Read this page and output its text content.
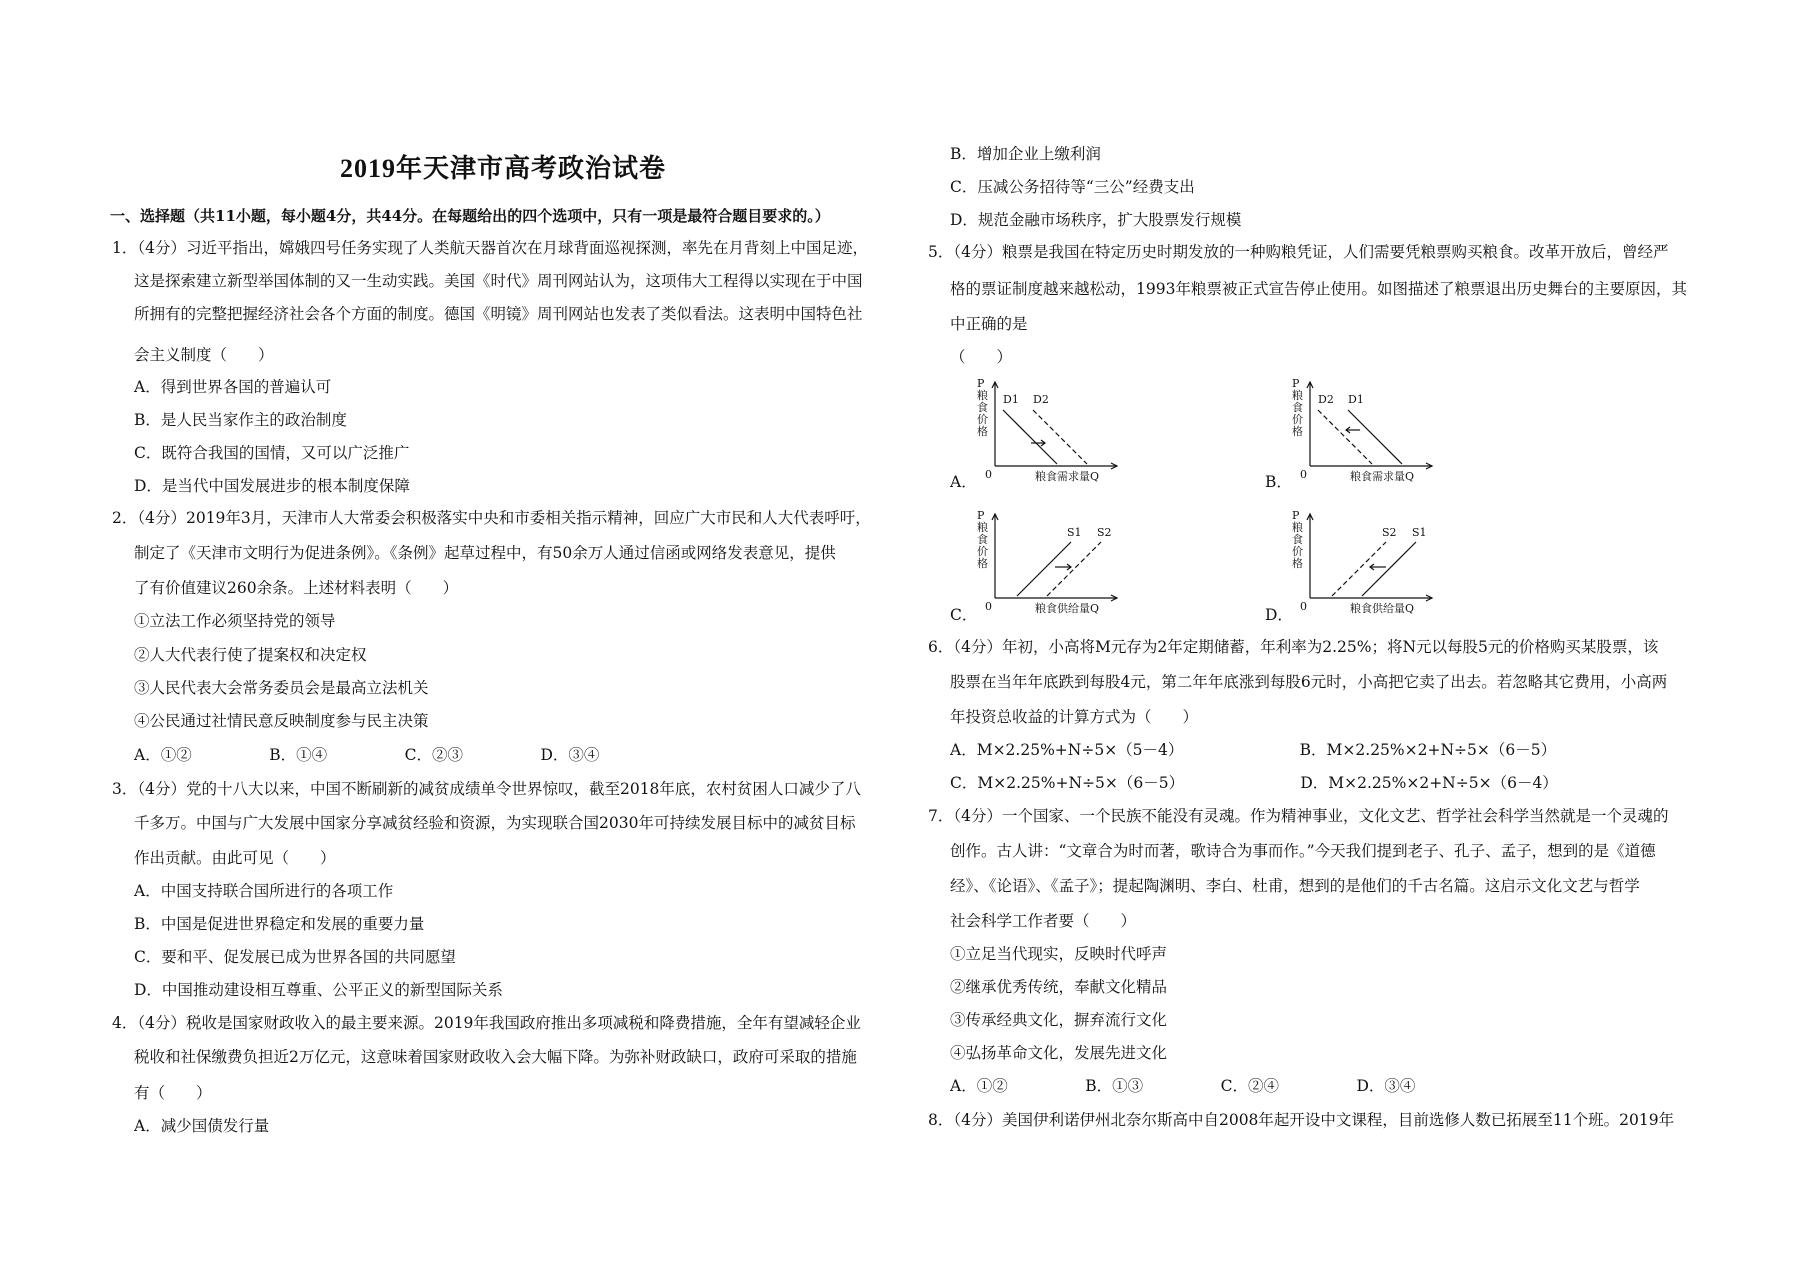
2019年天津市高考政治试卷
一、选择题（共11小题，每小题4分，共44分。在每题给出的四个选项中，只有一项是最符合题目要求的。）
1．（4分）习近平指出，嫦娥四号任务实现了人类航天器首次在月球背面巡视探测，率先在月背刻上中国足迹，
这是探索建立新型举国体制的又一生动实践。美国《时代》周刊网站认为，这项伟大工程得以实现在于中国
所拥有的完整把握经济社会各个方面的制度。德国《明镜》周刊网站也发表了类似看法。这表明中国特色社
会主义制度（　　）
A．得到世界各国的普遍认可
B．是人民当家作主的政治制度
C．既符合我国的国情，又可以广泛推广
D．是当代中国发展进步的根本制度保障
2．（4分）2019年3月，天津市人大常委会积极落实中央和市委相关指示精神，回应广大市民和人大代表呼吁，
制定了《天津市文明行为促进条例》。《条例》起草过程中，有50余万人通过信函或网络发表意见，提供
了有价值建议260余条。上述材料表明（　　）
①立法工作必须坚持党的领导
②人大代表行使了提案权和决定权
③人民代表大会常务委员会是最高立法机关
④公民通过社情民意反映制度参与民主决策
A．①②　　　　　B．①④　　　　　C．②③　　　　　D．③④
3．（4分）党的十八大以来，中国不断刷新的减贫成绩单令世界惊叹，截至2018年底，农村贫困人口减少了八
千多万。中国与广大发展中国家分享减贫经验和资源，为实现联合国2030年可持续发展目标中的减贫目标
作出贡献。由此可见（　　）
A．中国支持联合国所进行的各项工作
B．中国是促进世界稳定和发展的重要力量
C．要和平、促发展已成为世界各国的共同愿望
D．中国推动建设相互尊重、公平正义的新型国际关系
4．（4分）税收是国家财政收入的最主要来源。2019年我国政府推出多项减税和降费措施，全年有望减轻企业
税收和社保缴费负担近2万亿元，这意味着国家财政收入会大幅下降。为弥补财政缺口，政府可采取的措施
有（　　）
A．减少国债发行量
B．增加企业上缴利润
C．压减公务招待等“三公”经费支出
D．规范金融市场秩序，扩大股票发行规模
5．（4分）粮票是我国在特定历史时期发放的一种购粮凭证，人们需要凭粮票购买粮食。改革开放后，曾经严
格的票证制度越来越松动，1993年粮票被正式宣告停止使用。如图描述了粮票退出历史舞台的主要原因，其
中正确的是
（　　）
6．（4分）年初，小高将M元存为2年定期储蓄，年利率为2.25%；将N元以每股5元的价格购买某股票，该
股票在当年年底跌到每股4元，第二年年底涨到每股6元时，小高把它卖了出去。若忽略其它费用，小高两
年投资总收益的计算方式为（　　）
A．M×2.25%+N÷5×（5－4）　　　　　　　　B．M×2.25%×2+N÷5×（6－5）
C．M×2.25%+N÷5×（6－5）　　　　　　　　D．M×2.25%×2+N÷5×（6－4）
7．（4分）一个国家、一个民族不能没有灵魂。作为精神事业，文化文艺、哲学社会科学当然就是一个灵魂的
创作。古人讲：“文章合为时而著，歌诗合为事而作。”今天我们提到老子、孔子、孟子，想到的是《道德
经》、《论语》、《孟子》；提起陶渊明、李白、杜甫，想到的是他们的千古名篇。这启示文化文艺与哲学
社会科学工作者要（　　）
①立足当代现实，反映时代呼声
②继承优秀传统，奉献文化精品
③传承经典文化，摒弃流行文化
④弘扬革命文化，发展先进文化
A．①②　　　　　B．①③　　　　　C．②④　　　　　D．③④
8．（4分）美国伊利诺伊州北奈尔斯高中自2008年起开设中文课程，目前选修人数已拓展至11个班。2019年
P
粮
食
价
格
D1 D2
0	粮食需求量Q
A．
P
粮
食
价
格
D2 D1
0	粮食需求量Q
B．
P
粮
食
价
格
S1 S2
0	粮食供给量Q
C．
P
粮
食
价
格
S2 S1
0	粮食供给量Q
D．
